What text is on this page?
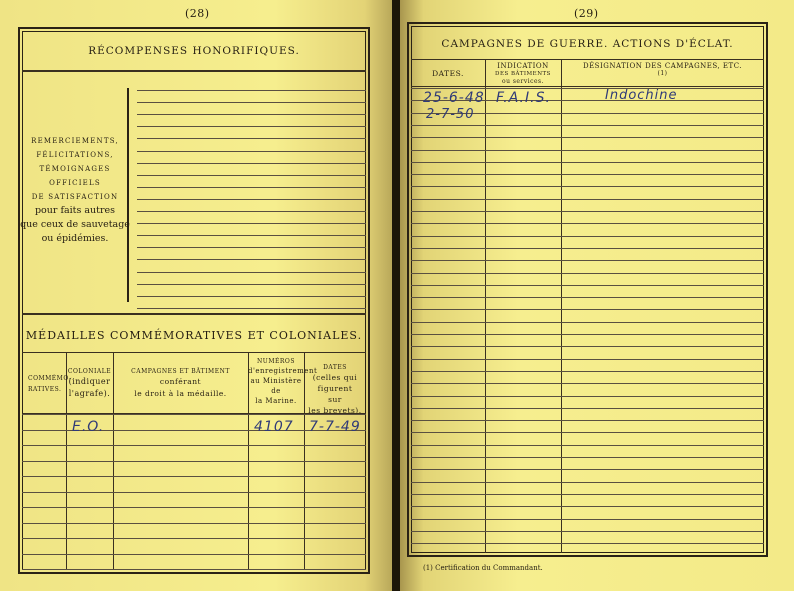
(28)
RÉCOMPENSES HONORIFIQUES.
REMERCIEMENTS,
FÉLICITATIONS,
TÉMOIGNAGES
OFFICIELS
DE SATISFACTION
pour faits autres
que ceux de sauvetage
ou épidémies.
MÉDAILLES COMMÉMORATIVES ET COLONIALES.
COMMÉMO-RATIVES.
COLONIALE
(indiquer
l'agrafe).
CAMPAGNES ET BÂTIMENT
conférant
le droit à la médaille.
NUMÉROS
d'enregistrement
au Ministère
de
la Marine.
DATES
(celles qui figurent
sur
les brevets).
E.O.	4107 7-7-49
(29)
CAMPAGNES DE GUERRE. ACTIONS D'ÉCLAT.
DATES.
INDICATION
DES BÂTIMENTS
ou services.
DÉSIGNATION DES CAMPAGNES, ETC.
(1)
25-6-48
2-7-50
F.A.I.S.	Indochine
(1) Certification du Commandant.
